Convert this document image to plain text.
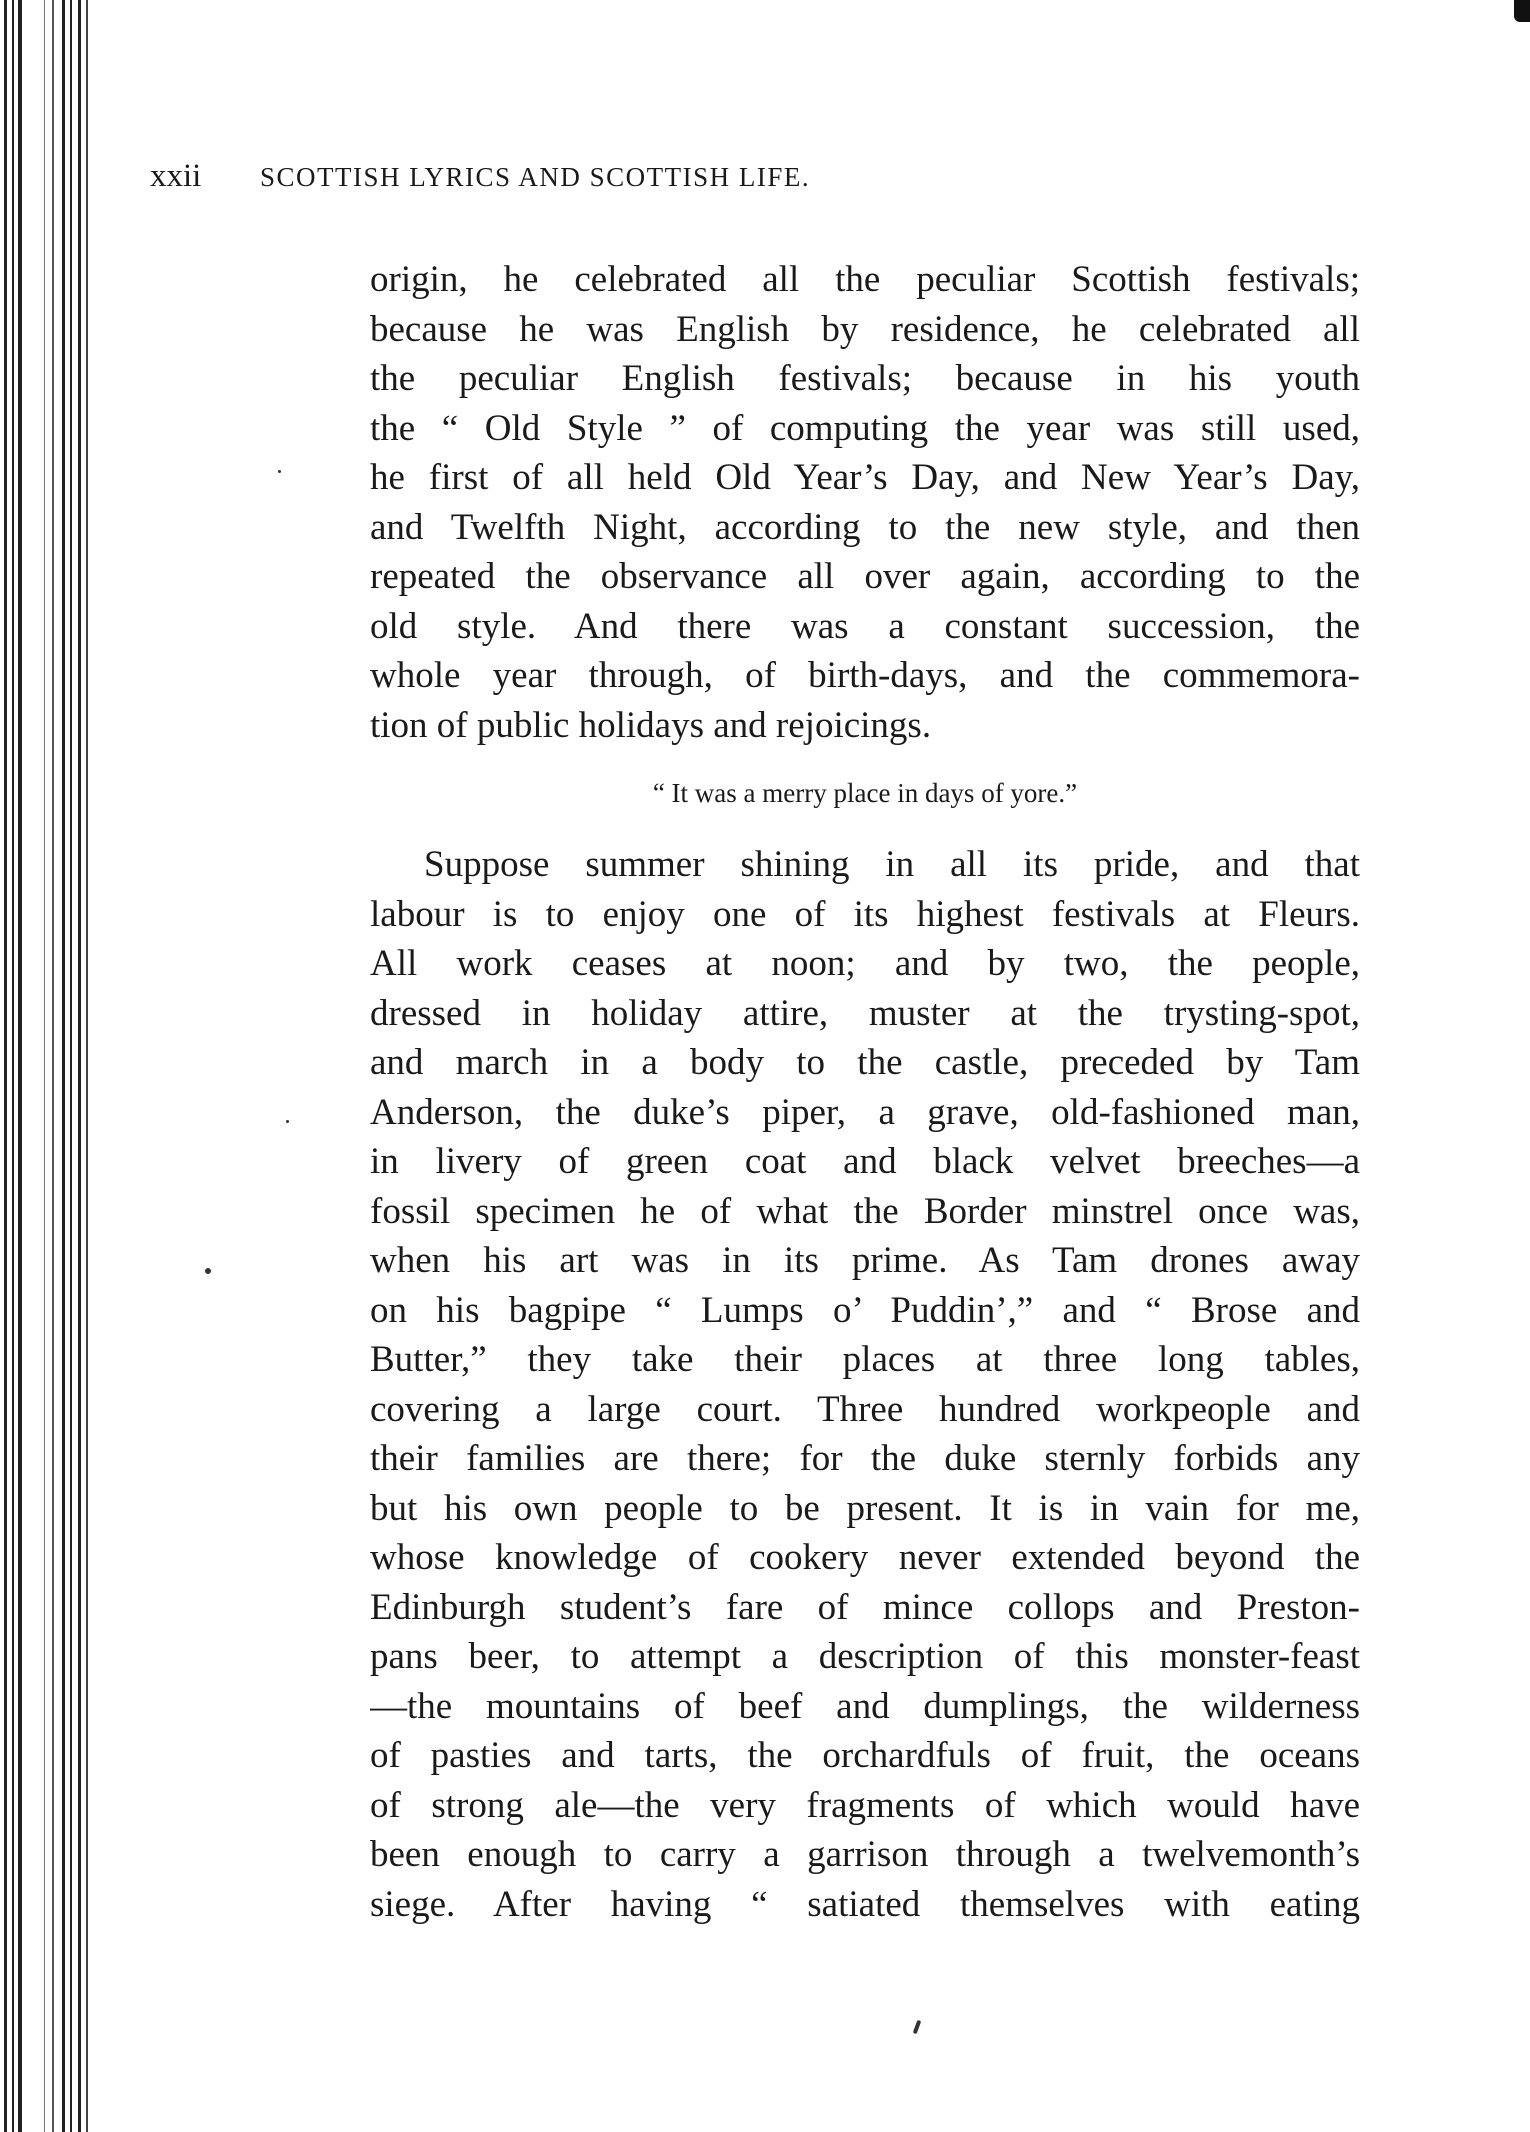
xxii SCOTTISH LYRICS AND SCOTTISH LIFE.
origin, he celebrated all the peculiar Scottish festivals;
because he was English by residence, he celebrated all
the peculiar English festivals; because in his youth
the “ Old Style ” of computing the year was still used,
he first of all held Old Year’s Day, and New Year’s Day,
and Twelfth Night, according to the new style, and then
repeated the observance all over again, according to the
old style. And there was a constant succession, the
whole year through, of birth-days, and the commemora-
tion of public holidays and rejoicings.
“ It was a merry place in days of yore.”
Suppose summer shining in all its pride, and that
labour is to enjoy one of its highest festivals at Fleurs.
All work ceases at noon; and by two, the people,
dressed in holiday attire, muster at the trysting-spot,
and march in a body to the castle, preceded by Tam
Anderson, the duke’s piper, a grave, old-fashioned man,
in livery of green coat and black velvet breeches—a
fossil specimen he of what the Border minstrel once was,
when his art was in its prime. As Tam drones away
on his bagpipe “ Lumps o’ Puddin’,” and “ Brose and
Butter,” they take their places at three long tables,
covering a large court. Three hundred workpeople and
their families are there; for the duke sternly forbids any
but his own people to be present. It is in vain for me,
whose knowledge of cookery never extended beyond the
Edinburgh student’s fare of mince collops and Preston-
pans beer, to attempt a description of this monster-feast
—the mountains of beef and dumplings, the wilderness
of pasties and tarts, the orchardfuls of fruit, the oceans
of strong ale—the very fragments of which would have
been enough to carry a garrison through a twelvemonth’s
siege. After having “ satiated themselves with eating
